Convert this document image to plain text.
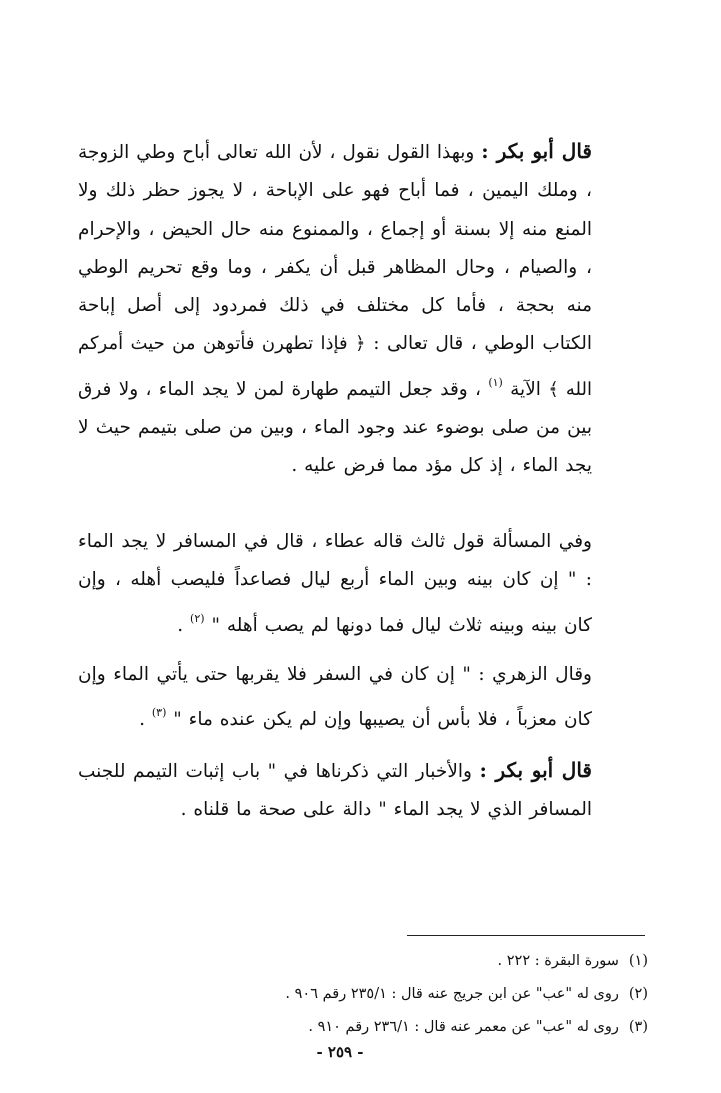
قال أبو بكر : وبهذا القول نقول ، لأن الله تعالى أباح وطي الزوجة ، وملك اليمين ، فما أباح فهو على الإباحة ، لا يجوز حظر ذلك ولا المنع منه إلا بسنة أو إجماع ، والممنوع منه حال الحيض ، والإحرام ، والصيام ، وحال المظاهر قبل أن يكفر ، وما وقع تحريم الوطي منه بحجة ، فأما كل مختلف في ذلك فمردود إلى أصل إباحة الكتاب الوطي ، قال تعالى : ﴿ فإذا تطهرن فأتوهن من حيث أمركم الله ﴾ الآية $^{(١)}$ ، وقد جعل التيمم طهارة لمن لا يجد الماء ، ولا فرق بين من صلى بوضوء عند وجود الماء ، وبين من صلى بتيمم حيث لا يجد الماء ، إذ كل مؤد مما فرض عليه .
وفي المسألة قول ثالث قاله عطاء ، قال في المسافر لا يجد الماء : " إن كان بينه وبين الماء أربع ليال فصاعداً فليصب أهله ، وإن كان بينه وبينه ثلاث ليال فما دونها لم يصب أهله " $^{(٢)}$ .
وقال الزهري : " إن كان في السفر فلا يقربها حتى يأتي الماء وإن كان معزباً ، فلا بأس أن يصيبها وإن لم يكن عنده ماء " $^{(٣)}$ .
قال أبو بكر : والأخبار التي ذكرناها في " باب إثبات التيمم للجنب المسافر الذي لا يجد الماء " دالة على صحة ما قلناه .
(١)سورة البقرة : ٢٢٢ .
(٢)روى له "عب" عن ابن جريج عنه قال : ٢٣٥/١ رقم ٩٠٦ .
(٣)روى له "عب" عن معمر عنه قال : ٢٣٦/١ رقم ٩١٠ .
- ٢٥٩ -
